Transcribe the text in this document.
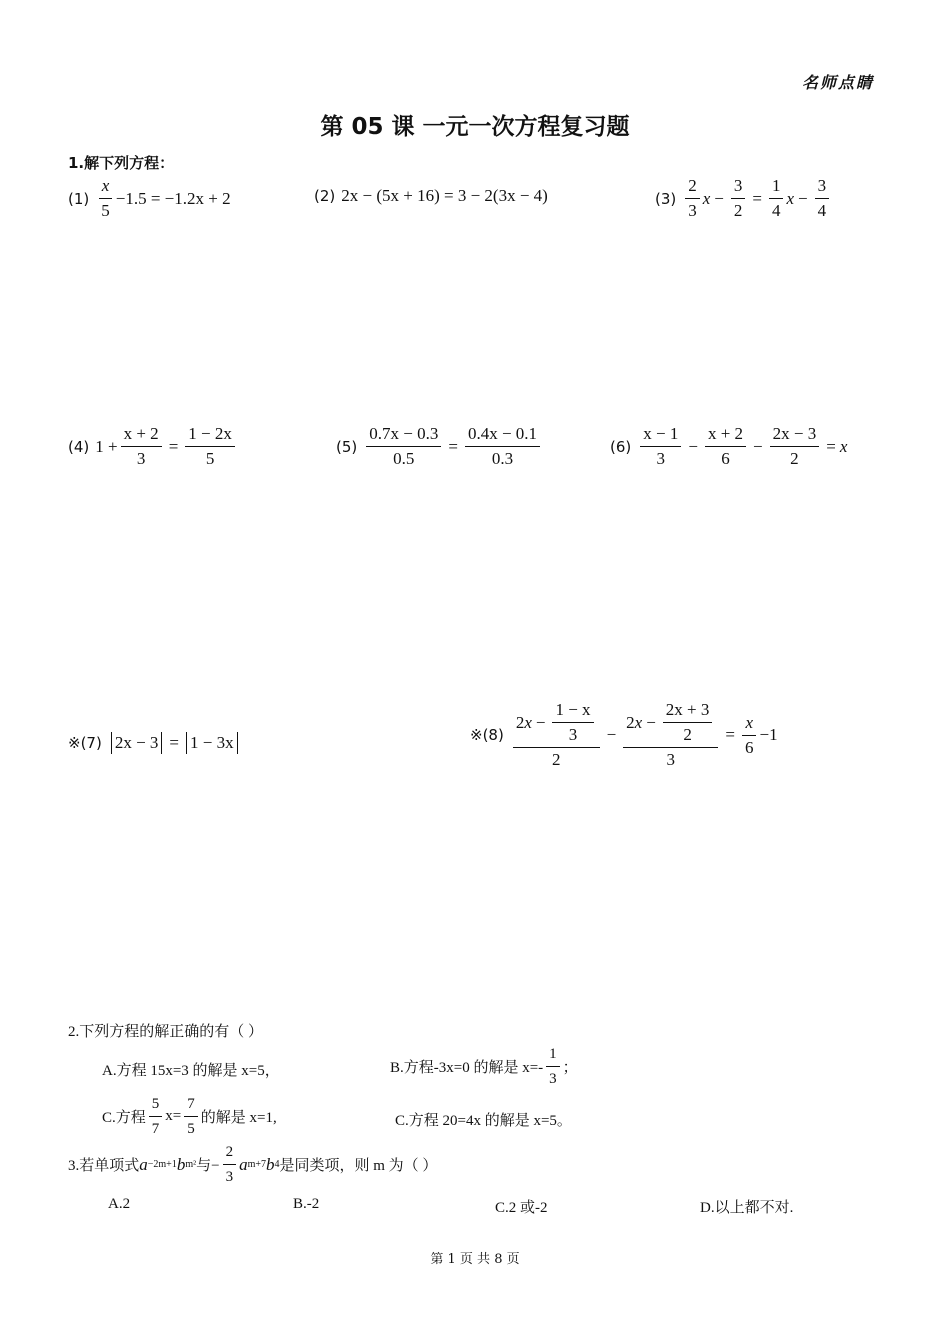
名师点睛
第 05 课 一元一次方程复习题
1.解下列方程：
(1)
x
5
−1.5 = −1.2x + 2	(2) 2x − (5x + 16) = 3 − 2(3x − 4)	(3)
2
3
$x - \frac{3}{2} = \frac{1}{4}$ $x - \frac{3}{4}$
(4) $1 + \frac{x + 2}{3} = \frac{1 - 2x}{5}$	$(5) \frac{0.7x - 0.3}{0.5} = \frac{0.4x - 0.1}{0.3}$	(6)
x − 1
3
− $\frac{x + 2}{6} - \frac{2x - 3}{2} = x$
※(7) 2x − 3 = 1 − 3x	※(8)
2 $x - \frac{1 - x}{3}$
2
− $\frac{2 x - \frac{2x + 3}{2}}{3} = \frac{x}{6} -1$
2.下列方程的解正确的有（ ）
A.方程 15x=3 的解是 x=5，	B.方程-3x=0 的解是 x=-
1
3
；
C.方程
5
7
$x= \frac{7}{5}$ 的解是 x=1,	C.方程 20=4x 的解是 x=5。
3.若单项式 a −2m+1 b m² 与− $\frac{2}{3}$ a m+7 b 4 是同类项，则 m 为（ ）
A.2	B.-2	C.2 或-2	D.以上都不对.
第 1 页 共 8 页
